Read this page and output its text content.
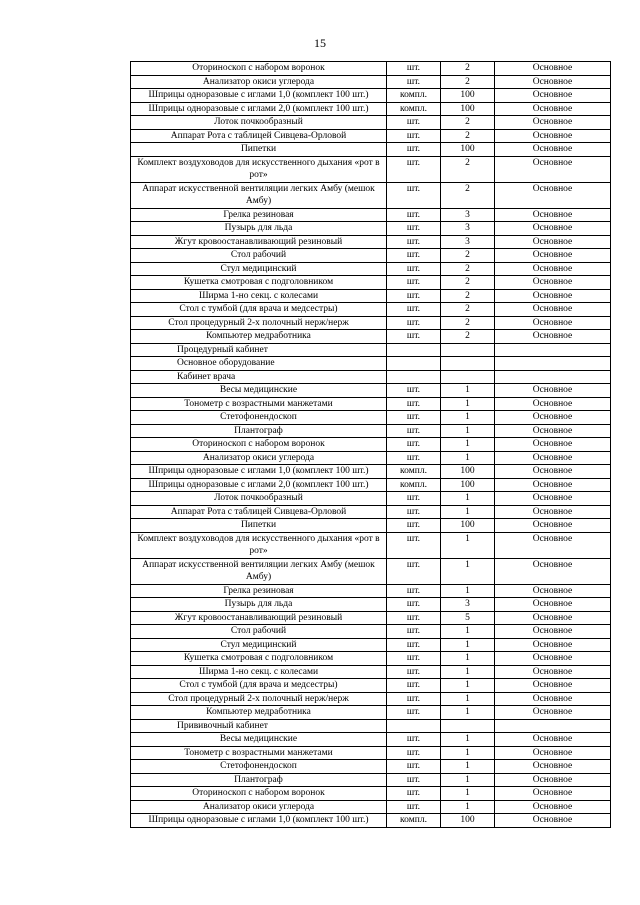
15
Оториноскоп с набором воронок	шт.	2	Основное
Анализатор окиси углерода	шт.	2	Основное
Шприцы одноразовые с иглами 1,0 (комплект 100 шт.)	компл.	100	Основное
Шприцы одноразовые с иглами 2,0 (комплект 100 шт.)	компл.	100	Основное
Лоток почкообразный	шт.	2	Основное
Аппарат Рота с таблицей Сивцева-Орловой	шт.	2	Основное
Пипетки	шт.	100	Основное
Комплект воздуховодов для искусственного дыхания «рот в рот»	шт.	2	Основное
Аппарат искусственной вентиляции легких Амбу (мешок Амбу)	шт.	2	Основное
Грелка резиновая	шт.	3	Основное
Пузырь для льда	шт.	3	Основное
Жгут кровоостанавливающий резиновый	шт.	3	Основное
Стол рабочий	шт.	2	Основное
Стул медицинский	шт.	2	Основное
Кушетка смотровая с подголовником	шт.	2	Основное
Ширма 1-но секц. с колесами	шт.	2	Основное
Стол с тумбой (для врача и медсестры)	шт.	2	Основное
Стол процедурный 2-х полочный нерж/нерж	шт.	2	Основное
Компьютер медработника	шт.	2	Основное
Процедурный кабинет			
Основное оборудование			
Кабинет врача			
Весы медицинские	шт.	1	Основное
Тонометр с возрастными манжетами	шт.	1	Основное
Стетофонендоскоп	шт.	1	Основное
Плантограф	шт.	1	Основное
Оториноскоп с набором воронок	шт.	1	Основное
Анализатор окиси углерода	шт.	1	Основное
Шприцы одноразовые с иглами 1,0 (комплект 100 шт.)	компл.	100	Основное
Шприцы одноразовые с иглами 2,0 (комплект 100 шт.)	компл.	100	Основное
Лоток почкообразный	шт.	1	Основное
Аппарат Рота с таблицей Сивцева-Орловой	шт.	1	Основное
Пипетки	шт.	100	Основное
Комплект воздуховодов для искусственного дыхания «рот в рот»	шт.	1	Основное
Аппарат искусственной вентиляции легких Амбу (мешок Амбу)	шт.	1	Основное
Грелка резиновая	шт.	1	Основное
Пузырь для льда	шт.	3	Основное
Жгут кровоостанавливающий резиновый	шт.	5	Основное
Стол рабочий	шт.	1	Основное
Стул медицинский	шт.	1	Основное
Кушетка смотровая с подголовником	шт.	1	Основное
Ширма 1-но секц. с колесами	шт.	1	Основное
Стол с тумбой (для врача и медсестры)	шт.	1	Основное
Стол процедурный 2-х полочный нерж/нерж	шт.	1	Основное
Компьютер медработника	шт.	1	Основное
Прививочный кабинет			
Весы медицинские	шт.	1	Основное
Тонометр с возрастными манжетами	шт.	1	Основное
Стетофонендоскоп	шт.	1	Основное
Плантограф	шт.	1	Основное
Оториноскоп с набором воронок	шт.	1	Основное
Анализатор окиси углерода	шт.	1	Основное
Шприцы одноразовые с иглами 1,0 (комплект 100 шт.)	компл.	100	Основное
